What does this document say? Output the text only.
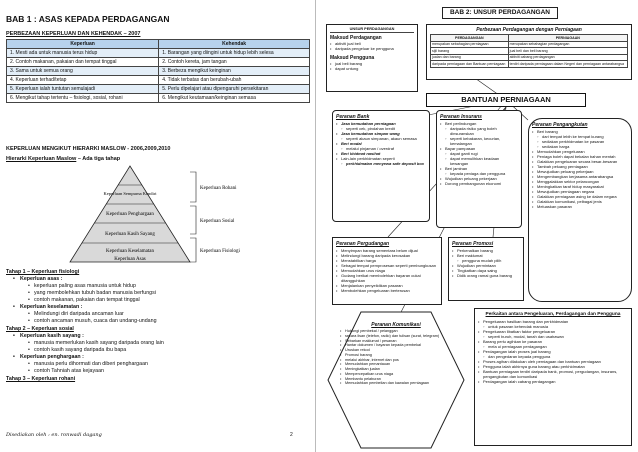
BAB 1 : ASAS KEPADA PERDAGANGAN
PERBEZAAN KEPERLUAN DAN KEHENDAK – 2007
Keperluan	Kehendak
1. Mesti ada untuk manusia terus hidup	1. Barangan yang diingini untuk hidup lebih selesa
2. Contoh makanan, pakaian dan tempat tinggal	2. Contoh kereta, jam tangan
3. Sama untuk semua orang	3. Berbeza mengikut keinginan
4. Keperluan terhad/tetap	4. Tidak terbatas dan berubah-ubah
5. Keperluan ialah tuntutan semulajadi	5. Perlu dipelajari atau dipengaruhi persekitaran
6. Mengikut tahap tertentu – fisiologi, sosial, rohani	6. Mengikut keutamaan/keinginan semasa
KEPERLUAN MENGIKUT HIERARKI MASLOW - 2006,2009,2010
Hierarki Keperluan Maslow – Ada tiga tahap
Keperluan Sempurna Kendiri
Keperluan Penghargaan
Keperluan Kasih Sayang
Keperluan Keselamatan
Keperluan Asas
Keperluan Rohani
Keperluan Sosial
Keperluan Fisiologi
Tahap 1 – Keperluan fisiologi
• Keperluan asas :
• keperluan paling asas manusia untuk hidup
• yang membolehkan tubuh badan manusia berfungsi
• contoh makanan, pakaian dan tempat tinggal
• Keperluan keselamatan :
• Melindungi diri daripada ancaman luar
• contoh ancaman musuh, cuaca dan undang-undang
Tahap 2 – Keperluan sosial
• Keperluan kasih sayang :
• manusia memerlukan kasih sayang daripada orang lain
• contoh kasih sayang daripada ibu bapa
• Keperluan penghargaan :
• manusia perlu dihormati dan diberi penghargaan
• contoh Tahniah atas kejayaan
Tahap 3 – Keperluan rohani
Disediakan oleh : en. ronwadi dagang	2
BAB 2: UNSUR PERDAGANGAN
UNSUR PERDAGANGAN
Maksud Perdagangan
• aktiviti jual beli
• daripada pengeluar ke pengguna
Maksud Pengguna
• jual beli barang
• dapat untung
Perbezaan Perdagangan dengan Perniagaan
PERDAGANGAN	PERNIAGAAN
merupakan sebahagian perniagaan	merupakan sebahagian perdagangan
sijil barang	jual beli dan beli barang
jualan dan barang	aktiviti cabang perdagangan
daripada perniagaan dan Bantuan perniagaan	terdiri daripada perniagaan dalam Negeri dan perniagaan antarabangsa
BANTUAN PERNIAGAAN
Peranan Bank
• Jasa kemudahan perniagaan
◦ seperti cek, pindahan kredit
• Jasa kemudahan simpan wang
◦ seperti akaun simpanan, akaun semasa
• Beri modal
◦ melalui pinjaman / overdraf
• Beri khidmat nasihat
• Lain-lain perkhidmatan seperti
◦ perkhidmatan menyewa safe deposit box
Peranan Insurans
• Beri perlindungan
◦ daripada risiko yang boleh dinsuranskan
◦ seperti kebakaran, kecurian, kemalangan
• Bayar pampasan
◦ dapat ganti rugi
◦ dapat memulihkan keadaan kewangan
• Beri jaminan
◦ kepada peniaga dan pengguna
• Wujudkan peluang pekerjaan
• Dorong pembangunan ekonomi
Peranan Pengangkutan
• Beri barang
◦ dari tempat lebih ke tempat kurang
◦ sediakan perkhidmatan ke pasaran
◦ sediakan harga
• Memudahkan pengeluaran
• Peniaga boleh dapat bekalan bahan mentah
• Galakkan pengeluaran secara besar-besaran
• Tambah peluang perniagaan
• Mewujudkan peluang pekerjaan
• Mengembangkan kerjasama antarabangsa
• Menggalakkan sektor pelancongan
• Meningkatkan taraf hidup masyarakat
• Mewujudkan perniagaan negara
• Galakkan perniagaan asing ke dalam negara
• Galakkan komunikasi, pelbagai jenis
• Meluaskan pasaran
Peranan Pergudangan
• Menyimpan barang sementara belum dijual
• Melindungi barang daripada kerosakan
• Menstabilkan harga
• Sebagai tempat pemprosesan seperti pembungkusan
• Memudahkan urus niaga
• Gudang berikat membolehkan bayaran cukai ditangguhkan
• Menjalankan penyelidikan pasaran
• Membolehkan pengeluaran berterusan
Peranan Promosi
• Perkenalkan barang
• Beri maklumat
◦ pengguna mudah pilih
• Wujudkan permintaan
• Tingkatkan daya saing
• Didik orang ramai guna barang
Peranan Komunikasi
• Hubungi pembekal / pelanggan
• secara lisan (telefon, radio) dan tulisan (surat, telegram)
• Sebarkan maklumat / pesanan
• Hantar dokumen / bayaran kepada pembekal
• Uruskan rekod
• Promosi barang
• melalui akhbar, internet dan pos
• Memudahkan pemantauan
• Meningkatkan jualan
• Mempercepatkan urus niaga
• Membantu pelaburan
• Memudahkan pembelian dan kawalan perniagaan
Perkaitan antara Pengeluaran, Perdagangan dan Pengguna
• Pengeluaran hasilkan barang dan perkhidmatan
◦ untuk pasaran kehendak manusia
• Pengeluaran libatkan faktor pengeluaran
◦ seperti buruh, modal, tanah dan usahawan
• Barang perlu agihkan ke pasaran
◦ mela ui perniagaan perdagangan
• Perdagangan ialah proses jual barang
◦ dan pengedaran kepada pengguna
• Proses agihan dilakukan oleh perniagaan dan bantuan perniagaan
• Pengguna ialah akhirnya guna barang atau perkhidmatan
• Bantuan perniagaan terdiri daripada bank, promosi, pergudangan, insurans, pengangkutan dan komunikasi
• Perdagangan ialah cabang perdagangan
